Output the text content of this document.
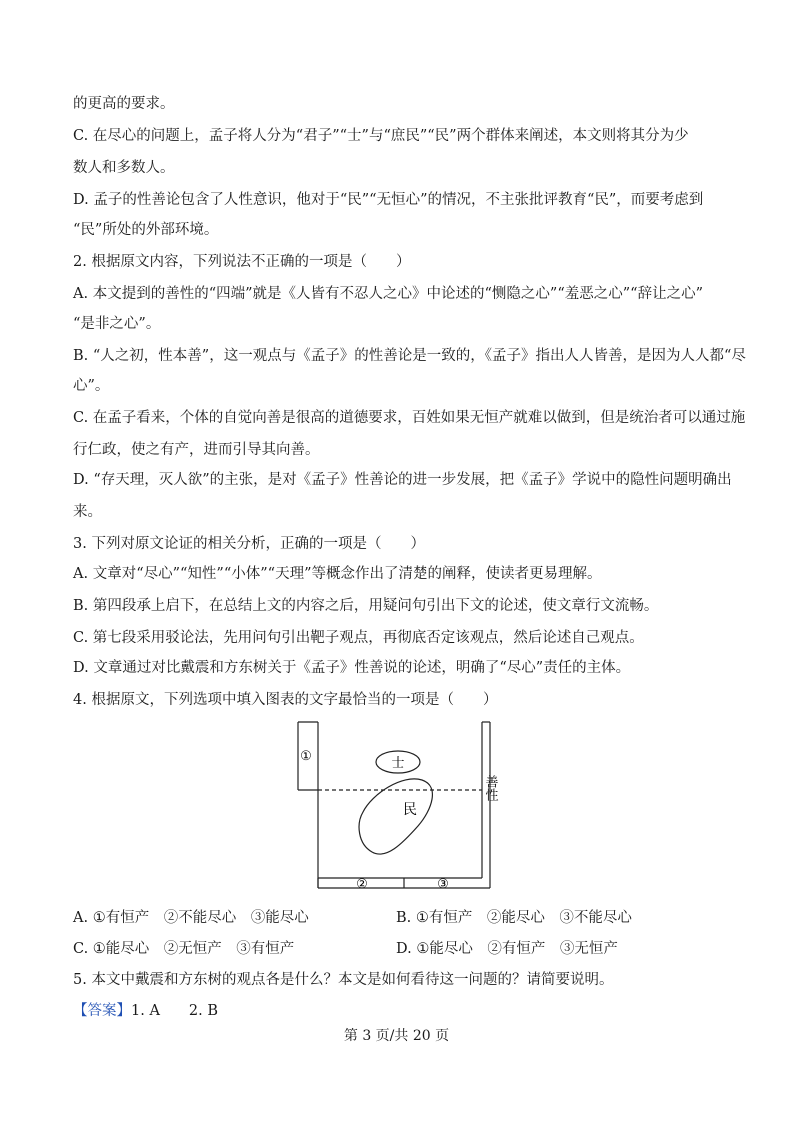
的更高的要求。
C. 在尽心的问题上，孟子将人分为“君子”“士”与“庶民”“民”两个群体来阐述，本文则将其分为少
数人和多数人。
D. 孟子的性善论包含了人性意识，他对于“民”“无恒心”的情况，不主张批评教育“民”，而要考虑到
“民”所处的外部环境。
2. 根据原文内容，下列说法不正确的一项是（　　）
A. 本文提到的善性的“四端”就是《人皆有不忍人之心》中论述的“恻隐之心”“羞恶之心”“辞让之心”
“是非之心”。
B. “人之初，性本善”，这一观点与《孟子》的性善论是一致的，《孟子》指出人人皆善，是因为人人都“尽
心”。
C. 在孟子看来，个体的自觉向善是很高的道德要求，百姓如果无恒产就难以做到，但是统治者可以通过施
行仁政，使之有产，进而引导其向善。
D. “存天理，灭人欲”的主张，是对《孟子》性善论的进一步发展，把《孟子》学说中的隐性问题明确出
来。
3. 下列对原文论证的相关分析，正确的一项是（　　）
A. 文章对“尽心”“知性”“小体”“天理”等概念作出了清楚的阐释，使读者更易理解。
B. 第四段承上启下，在总结上文的内容之后，用疑问句引出下文的论述，使文章行文流畅。
C. 第七段采用驳论法，先用问句引出靶子观点，再彻底否定该观点，然后论述自己观点。
D. 文章通过对比戴震和方东树关于《孟子》性善说的论述，明确了“尽心”责任的主体。
4. 根据原文，下列选项中填入图表的文字最恰当的一项是（　　）
①
②	③
士
民
善性
A. ①有恒产　②不能尽心　③能尽心	B. ①有恒产　②能尽心　③不能尽心
C. ①能尽心　②无恒产　③有恒产	D. ①能尽心　②有恒产　③无恒产
5. 本文中戴震和方东树的观点各是什么？本文是如何看待这一问题的？请简要说明。
【答案】1. A　　2. B
第 3 页/共 20 页
